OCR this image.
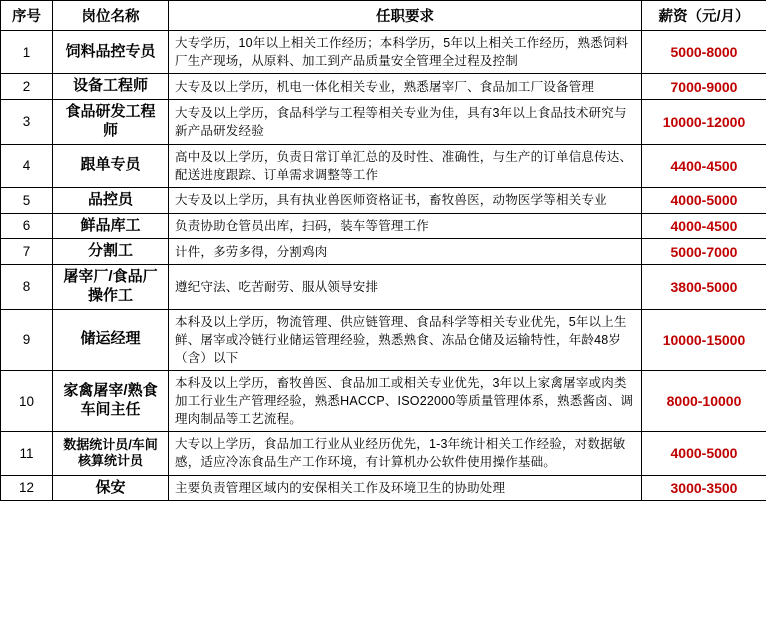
序号	岗位名称	任职要求	薪资（元/月）
1	饲料品控专员	大专学历，10年以上相关工作经历；本科学历，5年以上相关工作经历，熟悉饲料厂生产现场，从原料、加工到产品质量安全管理全过程及控制	5000-8000
2	设备工程师	大专及以上学历，机电一体化相关专业，熟悉屠宰厂、食品加工厂设备管理	7000-9000
3	食品研发工程师	大专及以上学历，食品科学与工程等相关专业为佳，具有3年以上食品技术研究与新产品研发经验	10000-12000
4	跟单专员	高中及以上学历，负责日常订单汇总的及时性、准确性，与生产的订单信息传达、配送进度跟踪、订单需求调整等工作	4400-4500
5	品控员	大专及以上学历，具有执业兽医师资格证书，畜牧兽医，动物医学等相关专业	4000-5000
6	鲜品库工	负责协助仓管员出库，扫码，装车等管理工作	4000-4500
7	分割工	计件，多劳多得，分割鸡肉	5000-7000
8	屠宰厂/食品厂操作工	遵纪守法、吃苦耐劳、服从领导安排	3800-5000
9	储运经理	本科及以上学历，物流管理、供应链管理、食品科学等相关专业优先，5年以上生鲜、屠宰或冷链行业储运管理经验，熟悉熟食、冻品仓储及运输特性，年龄48岁（含）以下	10000-15000
10	家禽屠宰/熟食车间主任	本科及以上学历，畜牧兽医、食品加工或相关专业优先，3年以上家禽屠宰或肉类加工行业生产管理经验，熟悉HACCP、ISO22000等质量管理体系，熟悉酱卤、调理肉制品等工艺流程。	8000-10000
11	数据统计员/车间核算统计员	大专以上学历，食品加工行业从业经历优先，1-3年统计相关工作经验，对数据敏感，适应冷冻食品生产工作环境，有计算机办公软件使用操作基础。	4000-5000
12	保安	主要负责管理区域内的安保相关工作及环境卫生的协助处理	3000-3500
